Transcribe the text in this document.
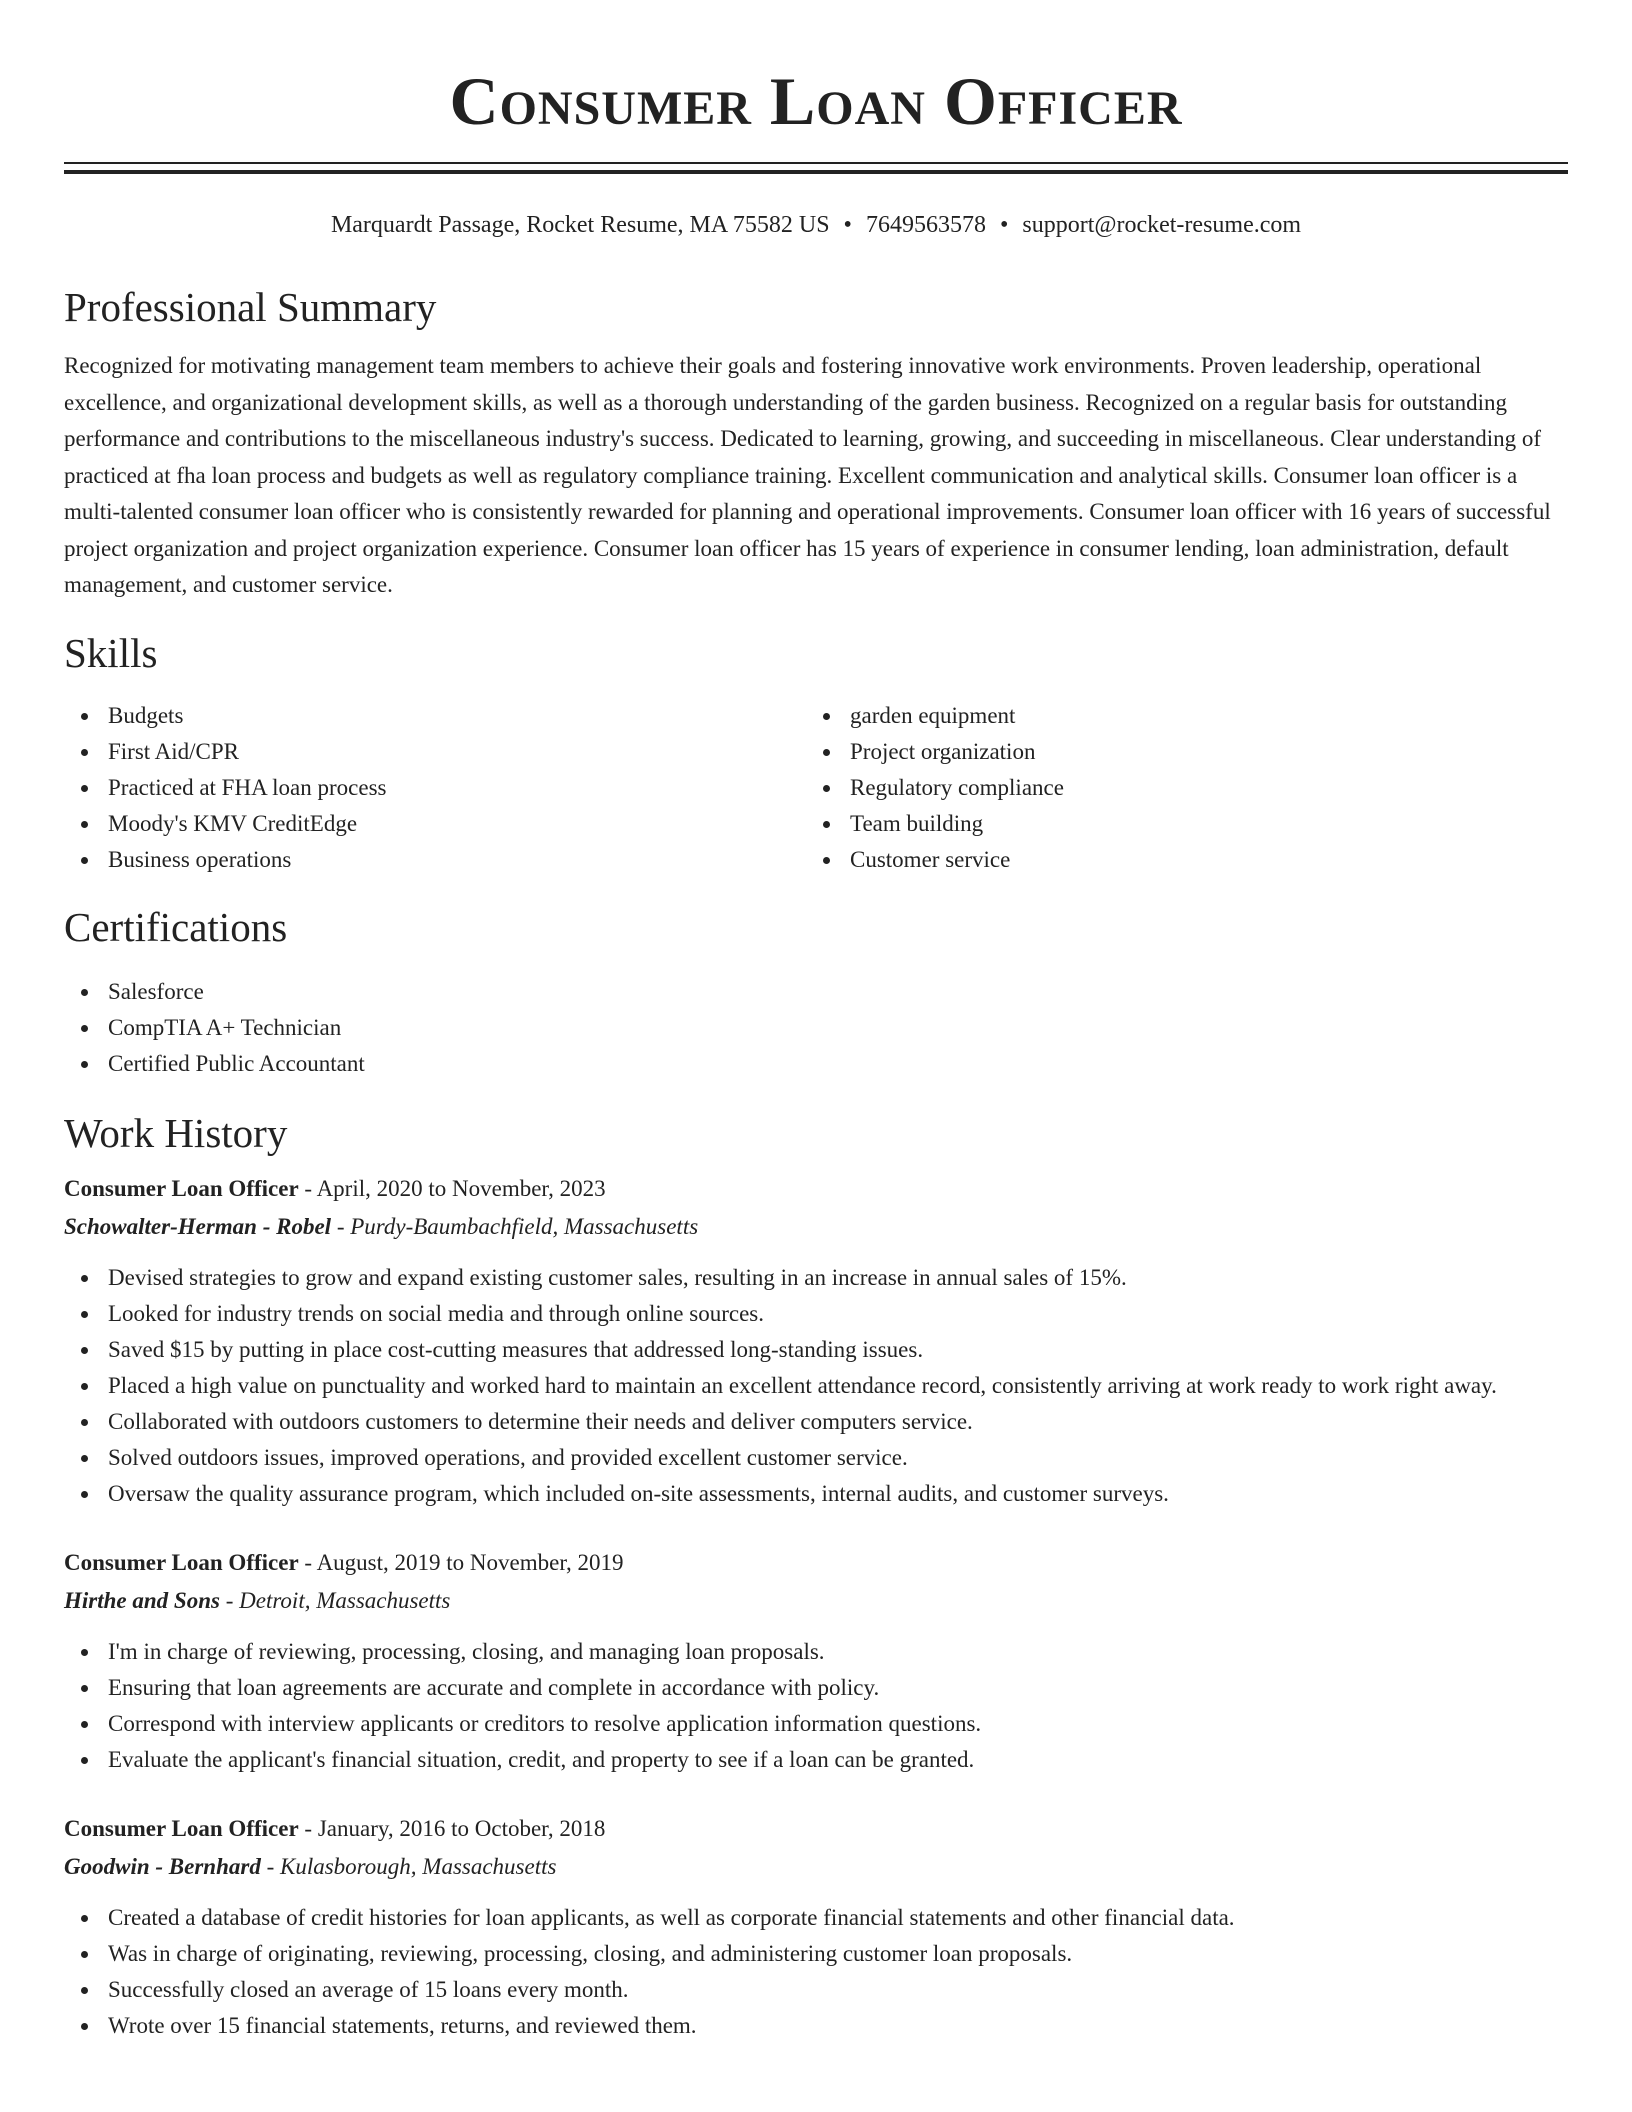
Consumer Loan Officer
Marquardt Passage, Rocket Resume, MA 75582 US • 7649563578 • support@rocket-resume.com
Professional Summary

Recognized for motivating management team members to achieve their goals and fostering innovative work environments. Proven leadership, operational excellence, and organizational development skills, as well as a thorough understanding of the garden business. Recognized on a regular basis for outstanding performance and contributions to the miscellaneous industry's success. Dedicated to learning, growing, and succeeding in miscellaneous. Clear understanding of practiced at fha loan process and budgets as well as regulatory compliance training. Excellent communication and analytical skills. Consumer loan officer is a multi-talented consumer loan officer who is consistently rewarded for planning and operational improvements. Consumer loan officer with 16 years of successful project organization and project organization experience. Consumer loan officer has 15 years of experience in consumer lending, loan administration, default management, and customer service.

Skills
Budgets
First Aid/CPR
Practiced at FHA loan process
Moody's KMV CreditEdge
Business operations
garden equipment
Project organization
Regulatory compliance
Team building
Customer service
Certifications
Salesforce
CompTIA A+ Technician
Certified Public Accountant
Work History
Consumer Loan Officer - April, 2020 to November, 2023
Schowalter-Herman - Robel - Purdy-Baumbachfield, Massachusetts
Devised strategies to grow and expand existing customer sales, resulting in an increase in annual sales of 15%.
Looked for industry trends on social media and through online sources.
Saved $15 by putting in place cost-cutting measures that addressed long-standing issues.
Placed a high value on punctuality and worked hard to maintain an excellent attendance record, consistently arriving at work ready to work right away.
Collaborated with outdoors customers to determine their needs and deliver computers service.
Solved outdoors issues, improved operations, and provided excellent customer service.
Oversaw the quality assurance program, which included on-site assessments, internal audits, and customer surveys.
Consumer Loan Officer - August, 2019 to November, 2019
Hirthe and Sons - Detroit, Massachusetts
I'm in charge of reviewing, processing, closing, and managing loan proposals.
Ensuring that loan agreements are accurate and complete in accordance with policy.
Correspond with interview applicants or creditors to resolve application information questions.
Evaluate the applicant's financial situation, credit, and property to see if a loan can be granted.
Consumer Loan Officer - January, 2016 to October, 2018
Goodwin - Bernhard - Kulasborough, Massachusetts
Created a database of credit histories for loan applicants, as well as corporate financial statements and other financial data.
Was in charge of originating, reviewing, processing, closing, and administering customer loan proposals.
Successfully closed an average of 15 loans every month.
Wrote over 15 financial statements, returns, and reviewed them.
